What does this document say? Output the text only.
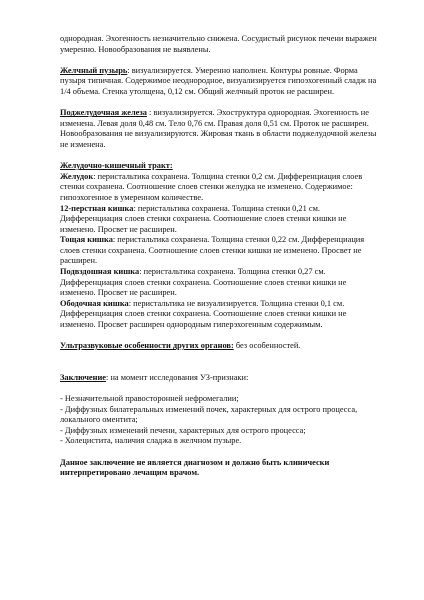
однородная. Эхогенность незначительно снижена. Сосудистый рисунок печени выражен умеренно. Новообразования не выявлены.

Желчный пузырь: визуализируется. Умеренно наполнен. Контуры ровные. Форма пузыря типичная. Содержимое неоднородное, визуализируется гипоэхогенный сладж на 1/4 объема. Стенка утолщена, 0,12 см. Общий желчный проток не расширен.

Поджелудочная железа : визуализируется. Эхоструктура однородная. Эхогенность не изменена. Левая доля 0,48 см. Тело 0,76 см. Правая доля 0,51 см. Проток не расширен. Новообразования не визуализируются. Жировая ткань в области поджелудочной железы не изменена.

Желудочно-кишечный тракт:

Желудок: перистальтика сохранена. Толщина стенки 0,2 см. Дифференциация слоев стенки сохранена. Соотношение слоев стенки желудка не изменено. Содержимое: гипоэхогенное в умеренном количестве.

12-перстная кишка: перистальтика сохранена. Толщина стенки 0,21 см. Дифференциация слоев стенки сохранена. Соотношение слоев стенки кишки не изменено. Просвет не расширен.

Тощая кишка: перистальтика сохранена. Толщина стенки 0,22 см. Дифференциация слоев стенки сохранена. Соотношение слоев стенки кишки не изменено. Просвет не расширен.

Подвздошная кишка: перистальтика сохранена. Толщина стенки 0,27 см. Дифференциация слоев стенки сохранена. Соотношение слоев стенки кишки не изменено. Просвет не расширен.

Ободочная кишка: перистальтика не визуализируется. Толщина стенки 0,1 см. Дифференциация слоев стенки сохранена. Соотношение слоев стенки кишки не изменено. Просвет расширен однородным гиперэхогенным содержимым.

Ультразвуковые особенности других органов: без особенностей.

Заключение: на момент исследования УЗ-признаки:

- Незначительной правосторонней нефромегалии;

- Диффузных билатеральных изменений почек, характерных для острого процесса, локального оментита;

- Диффузных изменений печени, характерных для острого процесса;

- Холецистита, наличия сладжа в желчном пузыре.

Данное заключение не является диагнозом и должно быть клинически интерпретировано лечащим врачом.
